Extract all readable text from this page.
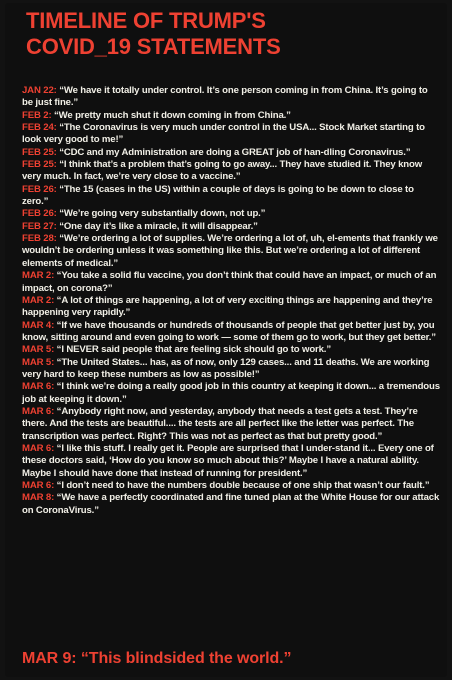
TIMELINE OF TRUMP'S
COVID_19 STATEMENTS
JAN 22: “We have it totally under control. It’s one person coming in from China. It’s going to be just fine.”
FEB 2: “We pretty much shut it down coming in from China.”
FEB 24: “The Coronavirus is very much under control in the USA... Stock Market starting to look very good to me!”
FEB 25: “CDC and my Administration are doing a GREAT job of han-dling Coronavirus.”
FEB 25: “I think that’s a problem that’s going to go away... They have studied it. They know very much. In fact, we’re very close to a vaccine.”
FEB 26: “The 15 (cases in the US) within a couple of days is going to be down to close to zero.”
FEB 26: “We’re going very substantially down, not up.”
FEB 27: “One day it’s like a miracle, it will disappear.”
FEB 28: “We’re ordering a lot of supplies. We’re ordering a lot of, uh, el-ements that frankly we wouldn’t be ordering unless it was something like this. But we’re ordering a lot of different elements of medical.”
MAR 2: “You take a solid flu vaccine, you don’t think that could have an impact, or much of an impact, on corona?”
MAR 2: “A lot of things are happening, a lot of very exciting things are happening and they’re happening very rapidly.”
MAR 4: “If we have thousands or hundreds of thousands of people that get better just by, you know, sitting around and even going to work — some of them go to work, but they get better.”
MAR 5: “I NEVER said people that are feeling sick should go to work.”
MAR 5: “The United States... has, as of now, only 129 cases... and 11 deaths. We are working very hard to keep these numbers as low as possible!”
MAR 6: “I think we’re doing a really good job in this country at keeping it down... a tremendous job at keeping it down.”
MAR 6: “Anybody right now, and yesterday, anybody that needs a test gets a test. They’re there. And the tests are beautiful.... the tests are all perfect like the letter was perfect. The transcription was perfect. Right? This was not as perfect as that but pretty good.”
MAR 6: “I like this stuff. I really get it. People are surprised that I under-stand it... Every one of these doctors said, ‘How do you know so much about this?’ Maybe I have a natural ability. Maybe I should have done that instead of running for president.”
MAR 6: “I don’t need to have the numbers double because of one ship that wasn’t our fault.”
MAR 8: “We have a perfectly coordinated and fine tuned plan at the White House for our attack on CoronaVirus.”
MAR 9: “This blindsided the world.”
